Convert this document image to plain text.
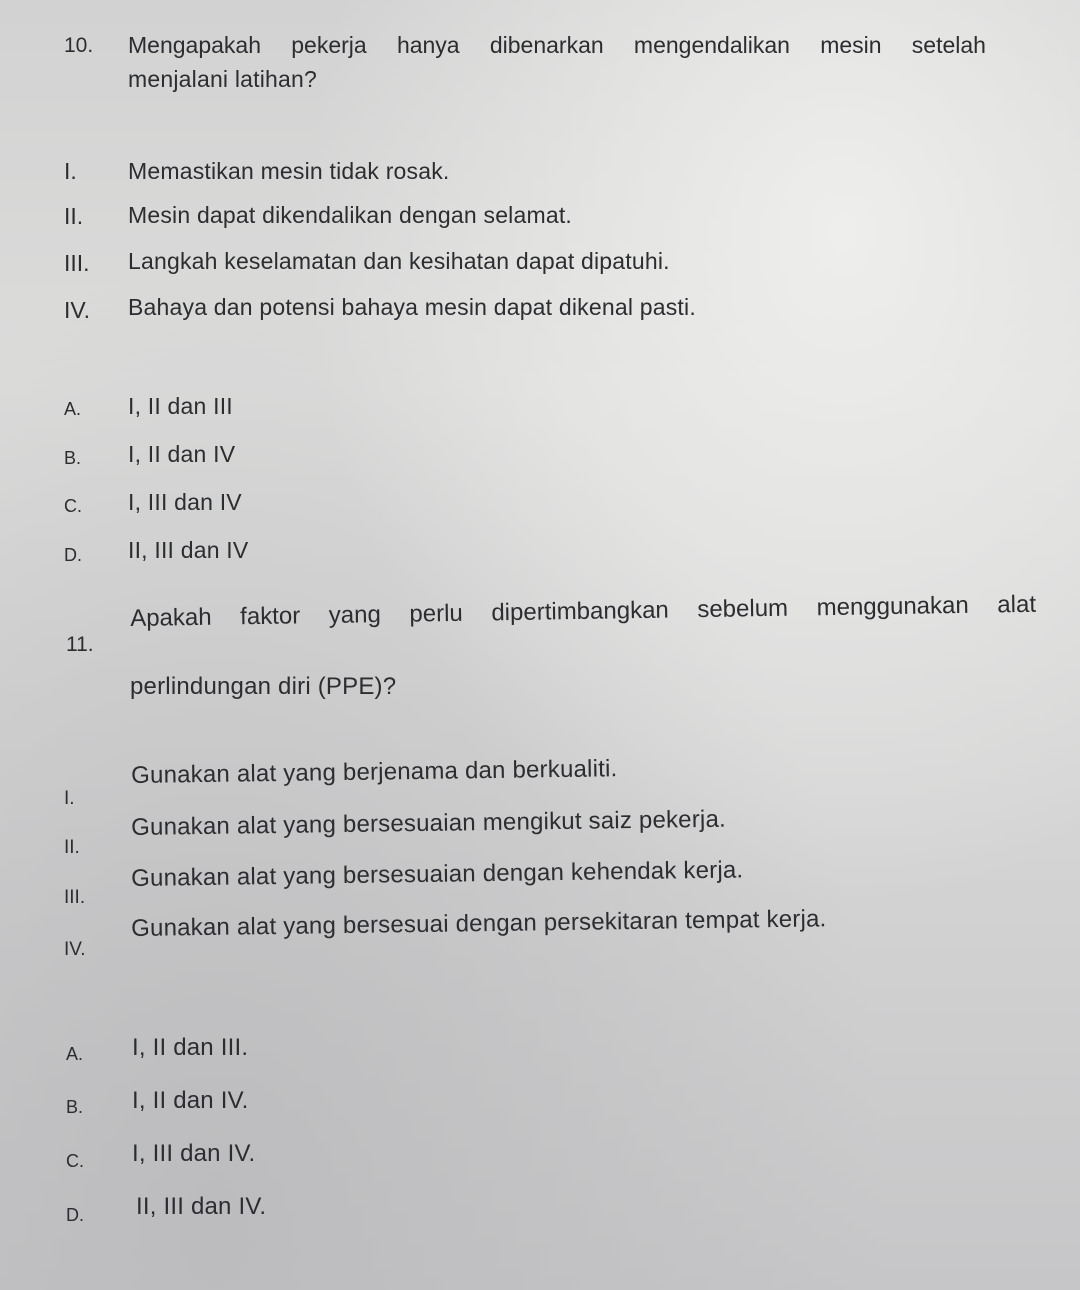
10. Mengapakah pekerja hanya dibenarkan mengendalikan mesin setelah
menjalani latihan?
I. Memastikan mesin tidak rosak.
II. Mesin dapat dikendalikan dengan selamat.
III. Langkah keselamatan dan kesihatan dapat dipatuhi.
IV. Bahaya dan potensi bahaya mesin dapat dikenal pasti.
A. I, II dan III
B. I, II dan IV
C. I, III dan IV
D. II, III dan IV
11.
Apakah faktor yang perlu dipertimbangkan sebelum menggunakan alat
perlindungan diri (PPE)?
I.
Gunakan alat yang berjenama dan berkualiti.
II.
Gunakan alat yang bersesuaian mengikut saiz pekerja.
III.
Gunakan alat yang bersesuaian dengan kehendak kerja.
IV.
Gunakan alat yang bersesuai dengan persekitaran tempat kerja.
A. I, II dan III.
B. I, II dan IV.
C. I, III dan IV.
D. II, III dan IV.
